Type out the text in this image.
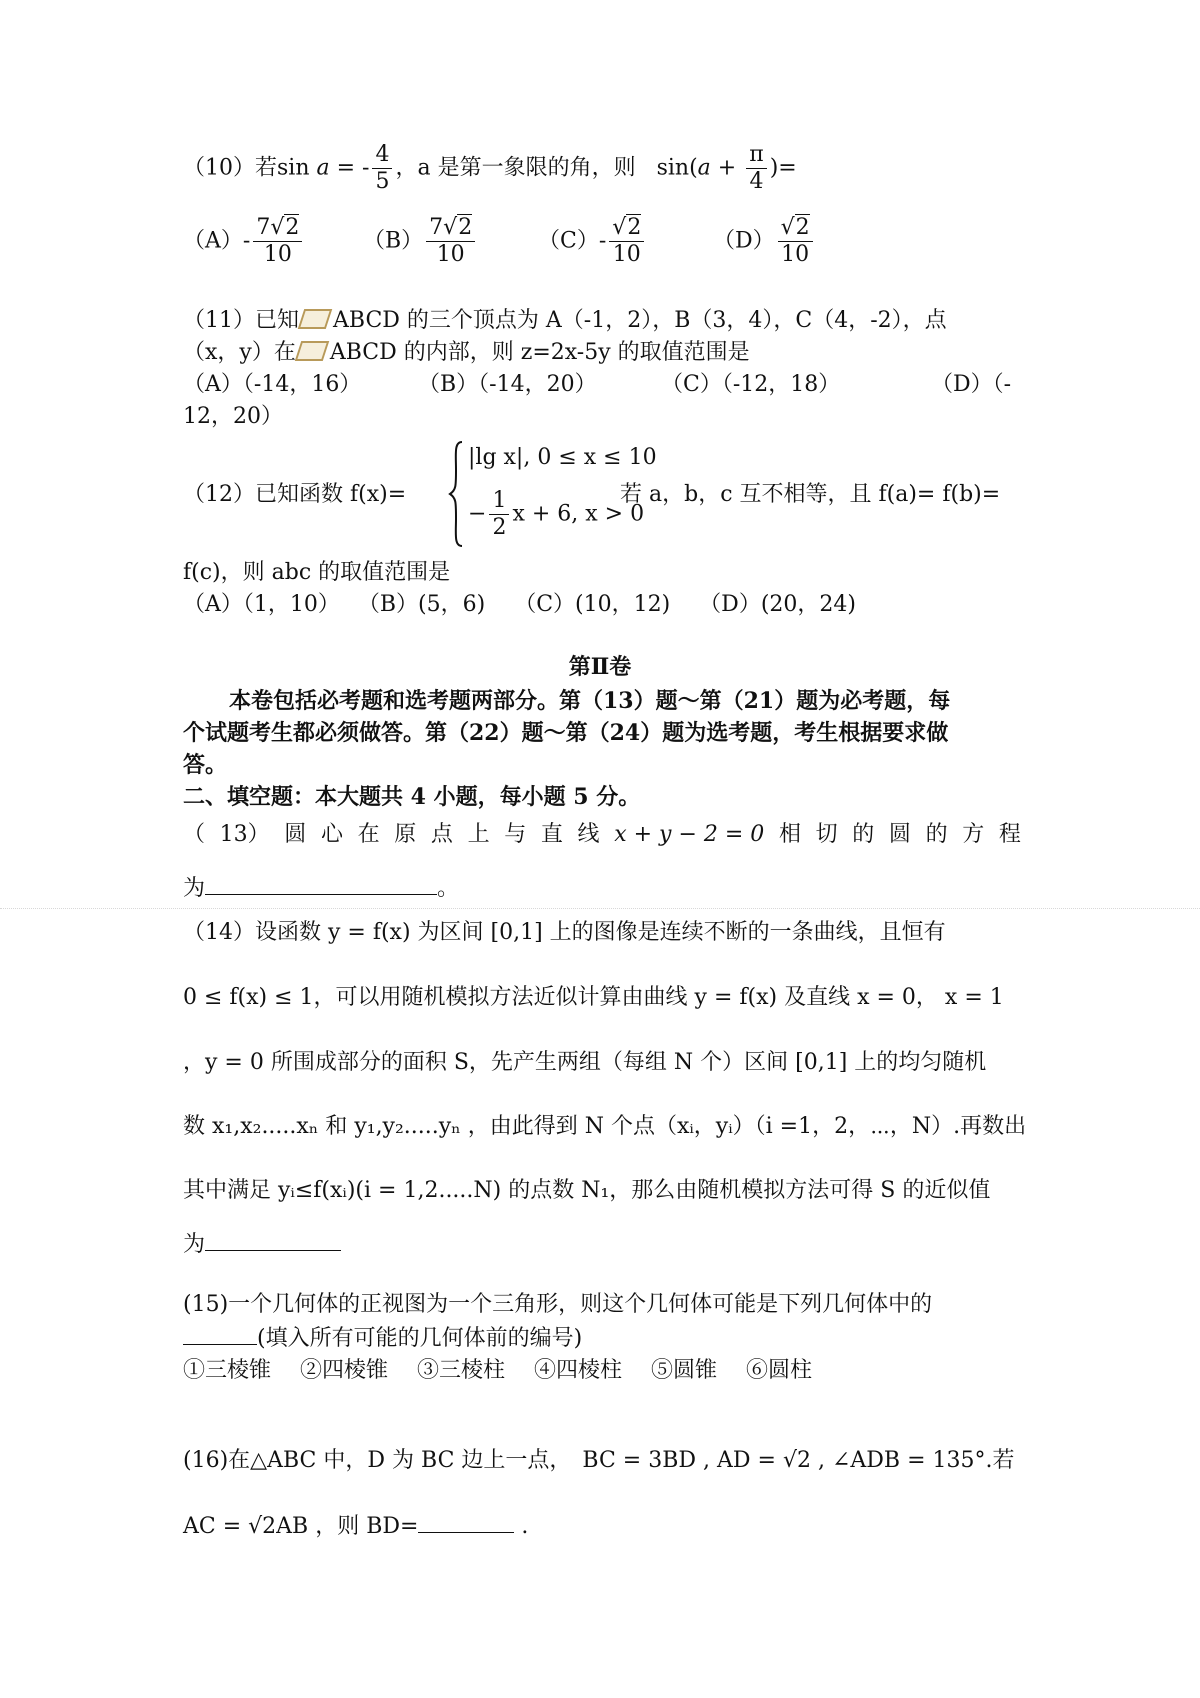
（10）若sin a = - $\frac{4}{5}$ ，a 是第一象限的角，则 $\sin(a + \frac{\pi}{4}$ )=
$(A)- \frac{7√2}{10}$	$(B) \frac{7√2}{10}$	$(C)- \frac{√2}{10}$	$(D) \frac{√2}{10}$
（11）已知 ABCD 的三个顶点为 A（-1，2），B（3，4），C（4，-2），点
（x，y）在 ABCD 的内部，则 z=2x-5y 的取值范围是
（A）（-14，16）	（B）（-14，20）	（C）（-12，18）	（D）（-
12，20）
（12）已知函数 f(x)=
|lg x|, 0 ≤ x ≤ 10
− $\frac{1}{2}$ x + 6, x > 0
若 a，b，c 互不相等，且 f(a)= f(b)=
f(c)，则 abc 的取值范围是
（A）（1，10）　 （B）(5，6)　 （C）(10，12)　 （D）(20，24)
第Ⅱ卷
本卷包括必考题和选考题两部分。第（13）题～第（21）题为必考题，每
个试题考生都必须做答。第（22）题～第（24）题为选考题，考生根据要求做
答。
二、填空题：本大题共 4 小题，每小题 5 分。
（ 13） 圆 心 在 原 点 上 与 直 线 x + y − 2 = 0 相 切 的 圆 的 方 程
为	。
（14）设函数 y = f(x) 为区间 [0,1] 上的图像是连续不断的一条曲线，且恒有
0 ≤ f(x) ≤ 1，可以用随机模拟方法近似计算由曲线 y = f(x) 及直线 x = 0， x = 1
，y = 0 所围成部分的面积 S，先产生两组（每组 N 个）区间 [0,1] 上的均匀随机
数 x₁,x₂.....xₙ 和 y₁,y₂.....yₙ ，由此得到 N 个点（xᵢ，yᵢ）（i =1，2，⋯，N）.再数出
其中满足 yᵢ≤f(xᵢ)(i = 1,2.....N) 的点数 N₁，那么由随机模拟方法可得 S 的近似值
为
(15)一个几何体的正视图为一个三角形，则这个几何体可能是下列几何体中的
(填入所有可能的几何体前的编号)
①三棱锥　 ②四棱锥　 ③三棱柱　 ④四棱柱　 ⑤圆锥　 ⑥圆柱
(16)在△ABC 中，D 为 BC 边上一点，　BC = 3BD , AD = √2 , ∠ADB = 135°.若
AC = √2AB ，则 BD=	.
